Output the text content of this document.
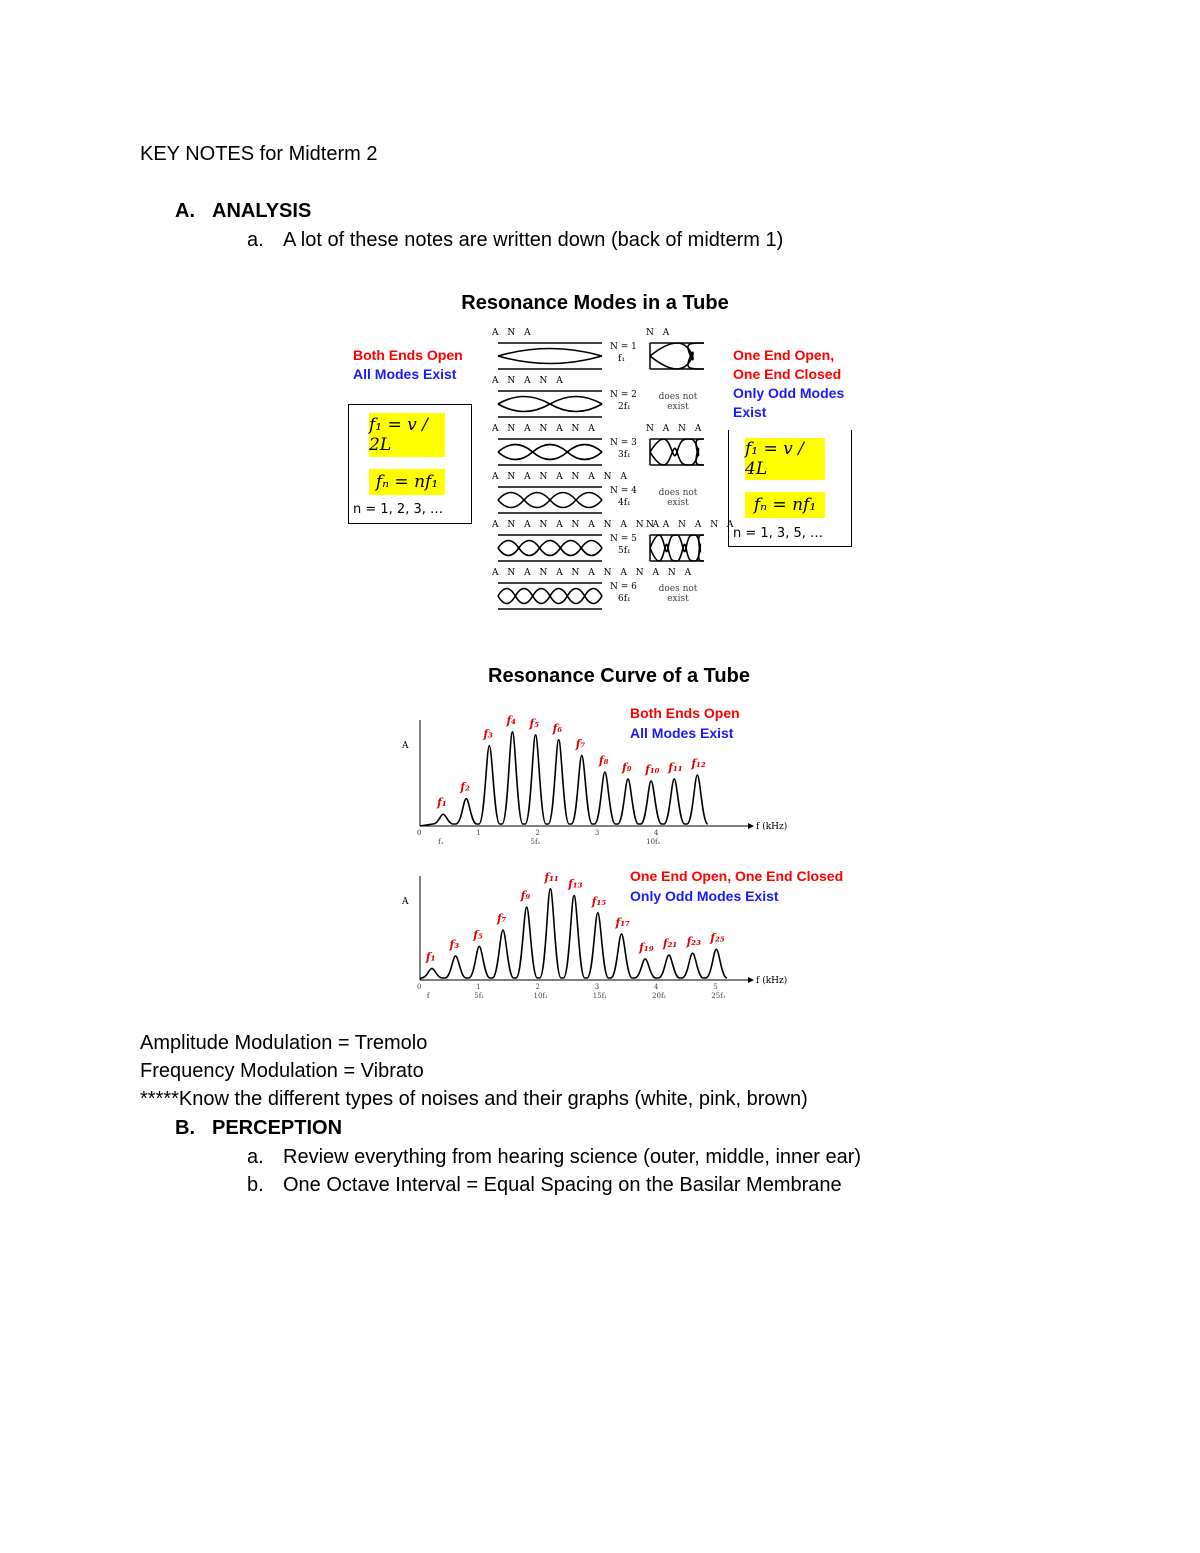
KEY NOTES for Midterm 2
A. ANALYSIS
a. A lot of these notes are written down (back of midterm 1)
Resonance Modes in a Tube
Both Ends Open
All Modes Exist
f₁ = v / 2L
fₙ = nf₁
n = 1, 2, 3, …
One End Open,
One End Closed
Only Odd Modes
Exist
f₁ = v / 4L
fₙ = nf₁
n = 1, 3, 5, …
A N A
N = 1
f₁
N A
A N A N A
N = 2
2f₁
does not exist
A N A N A N A
N = 3
3f₁
N A N A
A N A N A N A N A
N = 4
4f₁
does not exist
A N A N A N A N A N A
N = 5
5f₁
N A N A N A
A N A N A N A N A N A N A
N = 6
6f₁
does not exist
Resonance Curve of a Tube
A
f (kHz)
0	1	2	3	4
f₁	5f₁	10f₁
f₁
f₂
f₃
f₄ f₅ f₆
f₇
f₈
f₉ f₁₀ f₁₁ f₁₂
Both Ends Open
All Modes Exist
A
f (kHz)
0	1	2	3	4	5
f	5f₁	10f₁	15f₁	20f₁	25f₁
f₁
f₃
f₅
f₇
f₉
f₁₁
f₁₃
f₁₅
f₁₇
f₁₉ f₂₁ f₂₃ f₂₅
One End Open, One End Closed
Only Odd Modes Exist
Amplitude Modulation = Tremolo
Frequency Modulation = Vibrato
*****Know the different types of noises and their graphs (white, pink, brown)
B. PERCEPTION
a. Review everything from hearing science (outer, middle, inner ear)
b. One Octave Interval = Equal Spacing on the Basilar Membrane
